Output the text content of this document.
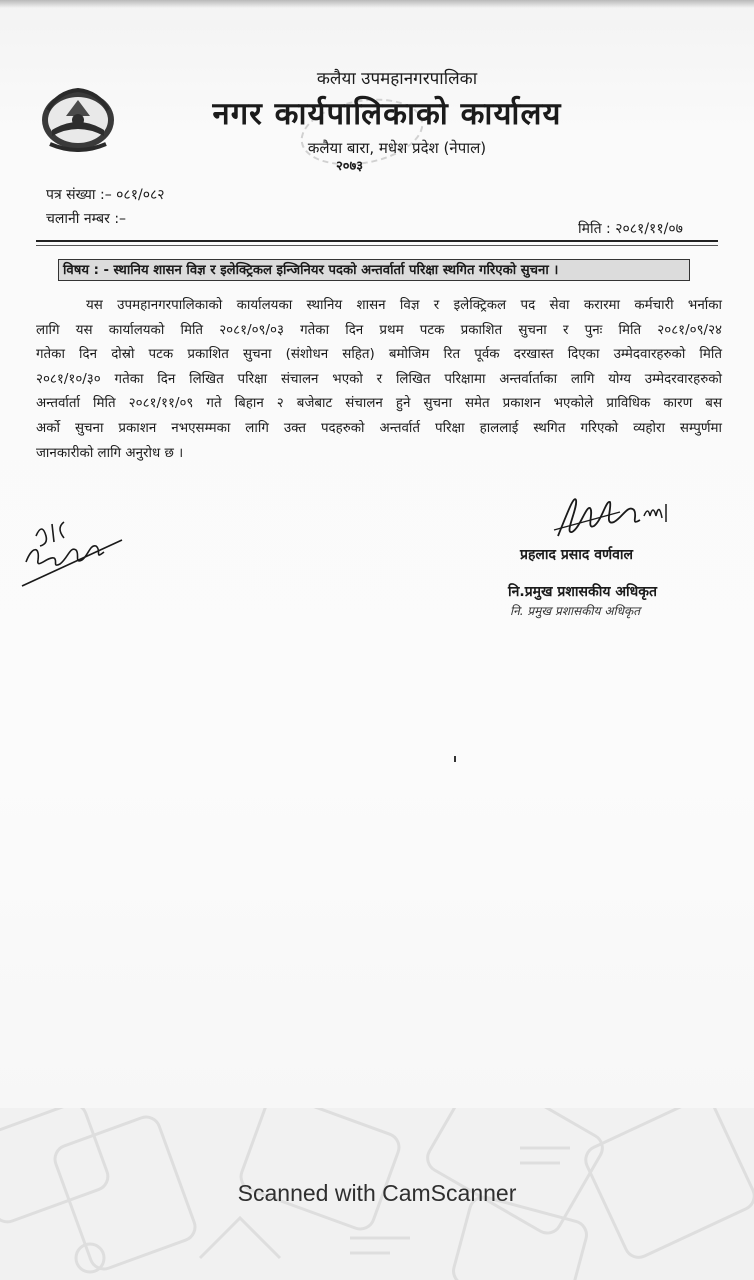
कलैया उपमहानगरपालिका
नगर कार्यपालिकाको कार्यालय
कलैया बारा, मधेश प्रदेश (नेपाल)
२०७३
पत्र संख्या :– ०८१/०८२
चलानी नम्बर :–
मिति : २०८१/११/०७
विषय : - स्थानिय शासन विज्ञ र इलेक्ट्रिकल इन्जिनियर पदको अन्तर्वार्ता परिक्षा स्थगित गरिएको सुचना ।
यस उपमहानगरपालिकाको कार्यालयका स्थानिय शासन विज्ञ र इलेक्ट्रिकल पद सेवा करारमा कर्मचारी भर्नाका
लागि यस कार्यालयको मिति २०८१/०९/०३ गतेका दिन प्रथम पटक प्रकाशित सुचना र पुनः मिति २०८१/०९/२४
गतेका दिन दोस्रो पटक प्रकाशित सुचना (संशोधन सहित) बमोजिम रित पूर्वक दरखास्त दिएका उम्मेदवारहरुको मिति
२०८१/१०/३० गतेका दिन लिखित परिक्षा संचालन भएको र लिखित परिक्षामा अन्तर्वार्ताका लागि योग्य उम्मेदरवारहरुको
अन्तर्वार्ता मिति २०८१/११/०९ गते बिहान २ बजेबाट संचालन हुने सुचना समेत प्रकाशन भएकोले प्राविधिक कारण बस
अर्को सुचना प्रकाशन नभएसम्मका लागि उक्त पदहरुको अन्तर्वार्त परिक्षा हाललाई स्थगित गरिएको व्यहोरा सम्पुर्णमा
जानकारीको लागि अनुरोध छ ।
प्रहलाद प्रसाद वर्णवाल
नि.प्रमुख प्रशासकीय अधिकृत
नि. प्रमुख प्रशासकीय अधिकृत
Scanned with CamScanner
